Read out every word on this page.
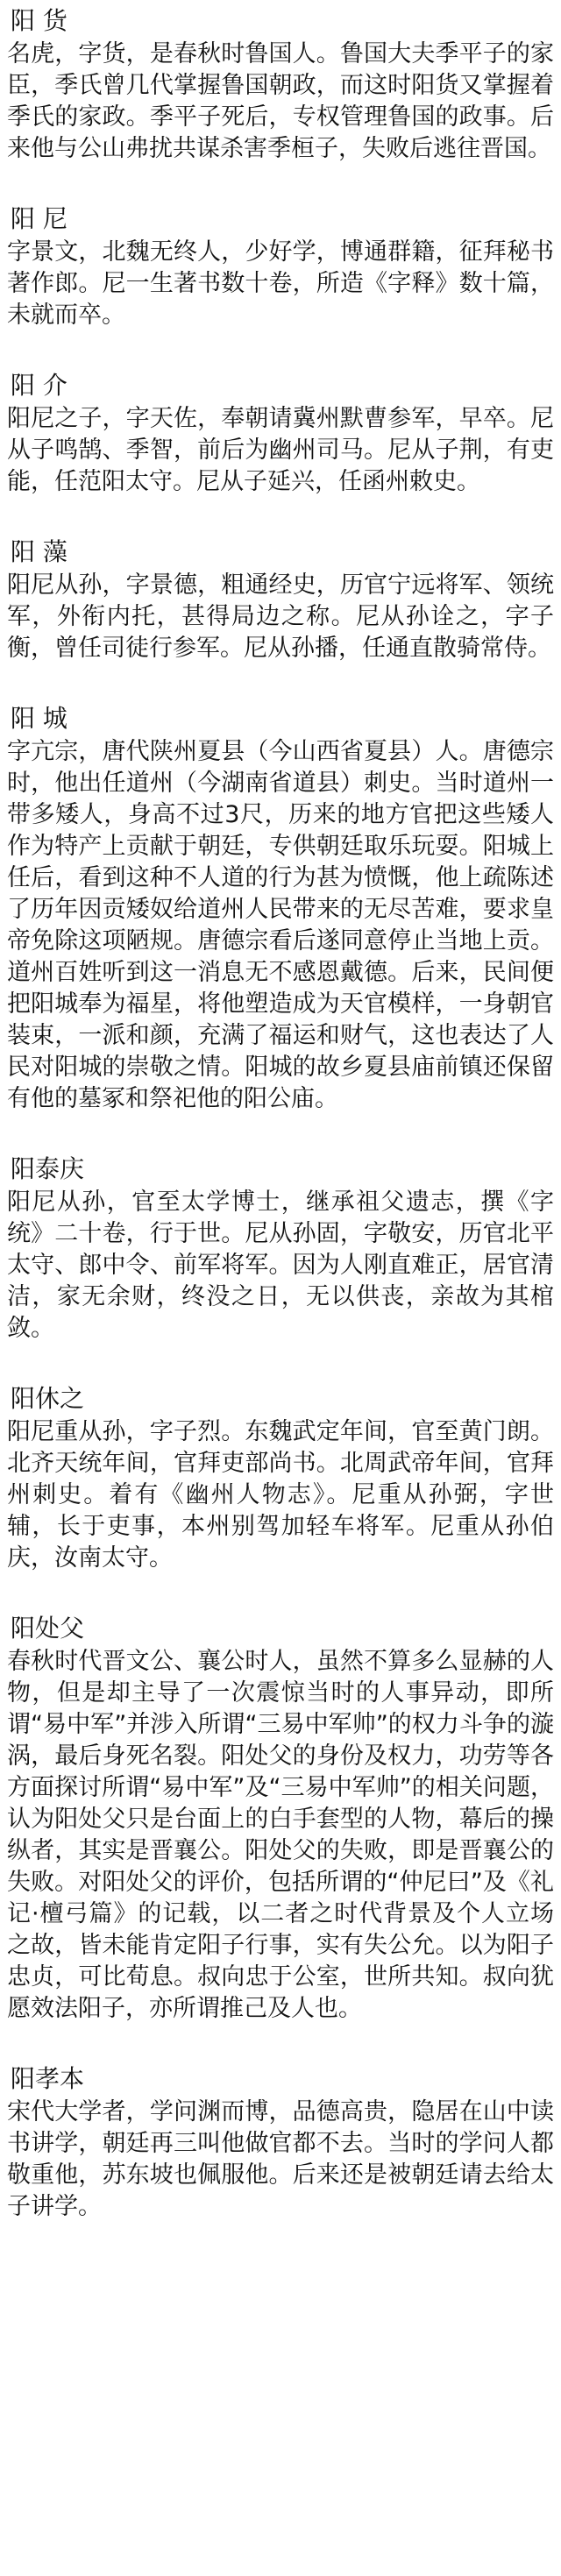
阳 货

名虎，字货，是春秋时鲁国人。鲁国大夫季平子的家臣，季氏曾几代掌握鲁国朝政，而这时阳货又掌握着季氏的家政。季平子死后，专权管理鲁国的政事。后来他与公山弗扰共谋杀害季桓子，失败后逃往晋国。

阳 尼

字景文，北魏无终人，少好学，博通群籍，征拜秘书著作郎。尼一生著书数十卷，所造《字释》数十篇，未就而卒。

阳 介

阳尼之子，字天佐，奉朝请冀州默曹参军，早卒。尼从子鸣鹄、季智，前后为幽州司马。尼从子荆，有吏能，任范阳太守。尼从子延兴，任函州敕史。

阳 藻

阳尼从孙，字景德，粗通经史，历官宁远将军、领统军，外衔内托，甚得局边之称。尼从孙诠之，字子衡，曾任司徒行参军。尼从孙播，任通直散骑常侍。

阳 城

字亢宗，唐代陕州夏县（今山西省夏县）人。唐德宗时，他出任道州（今湖南省道县）刺史。当时道州一带多矮人，身高不过3尺，历来的地方官把这些矮人作为特产上贡献于朝廷，专供朝廷取乐玩耍。阳城上任后，看到这种不人道的行为甚为愤慨，他上疏陈述了历年因贡矮奴给道州人民带来的无尽苦难，要求皇帝免除这项陋规。唐德宗看后遂同意停止当地上贡。道州百姓听到这一消息无不感恩戴德。后来，民间便把阳城奉为福星，将他塑造成为天官模样，一身朝官装束，一派和颜，充满了福运和财气，这也表达了人民对阳城的崇敬之情。阳城的故乡夏县庙前镇还保留有他的墓冢和祭祀他的阳公庙。

阳泰庆

阳尼从孙，官至太学博士，继承祖父遗志，撰《字统》二十卷，行于世。尼从孙固，字敬安，历官北平太守、郎中令、前军将军。因为人刚直难正，居官清洁，家无余财，终没之日，无以供丧，亲故为其棺敛。

阳休之

阳尼重从孙，字子烈。东魏武定年间，官至黄门朗。北齐天统年间，官拜吏部尚书。北周武帝年间，官拜州刺史。着有《幽州人物志》。尼重从孙弼，字世辅，长于吏事，本州别驾加轻车将军。尼重从孙伯庆，汝南太守。

阳处父

春秋时代晋文公、襄公时人，虽然不算多么显赫的人物，但是却主导了一次震惊当时的人事异动，即所谓“易中军”并涉入所谓“三易中军帅”的权力斗争的漩涡，最后身死名裂。阳处父的身份及权力，功劳等各方面探讨所谓“易中军”及“三易中军帅”的相关问题，认为阳处父只是台面上的白手套型的人物，幕后的操纵者，其实是晋襄公。阳处父的失败，即是晋襄公的失败。对阳处父的评价，包括所谓的“仲尼曰”及《礼记·檀弓篇》的记载，以二者之时代背景及个人立场之故，皆未能肯定阳子行事，实有失公允。以为阳子忠贞，可比荀息。叔向忠于公室，世所共知。叔向犹愿效法阳子，亦所谓推己及人也。

阳孝本

宋代大学者，学问渊而博，品德高贵，隐居在山中读书讲学，朝廷再三叫他做官都不去。当时的学问人都敬重他，苏东坡也佩服他。后来还是被朝廷请去给太子讲学。
